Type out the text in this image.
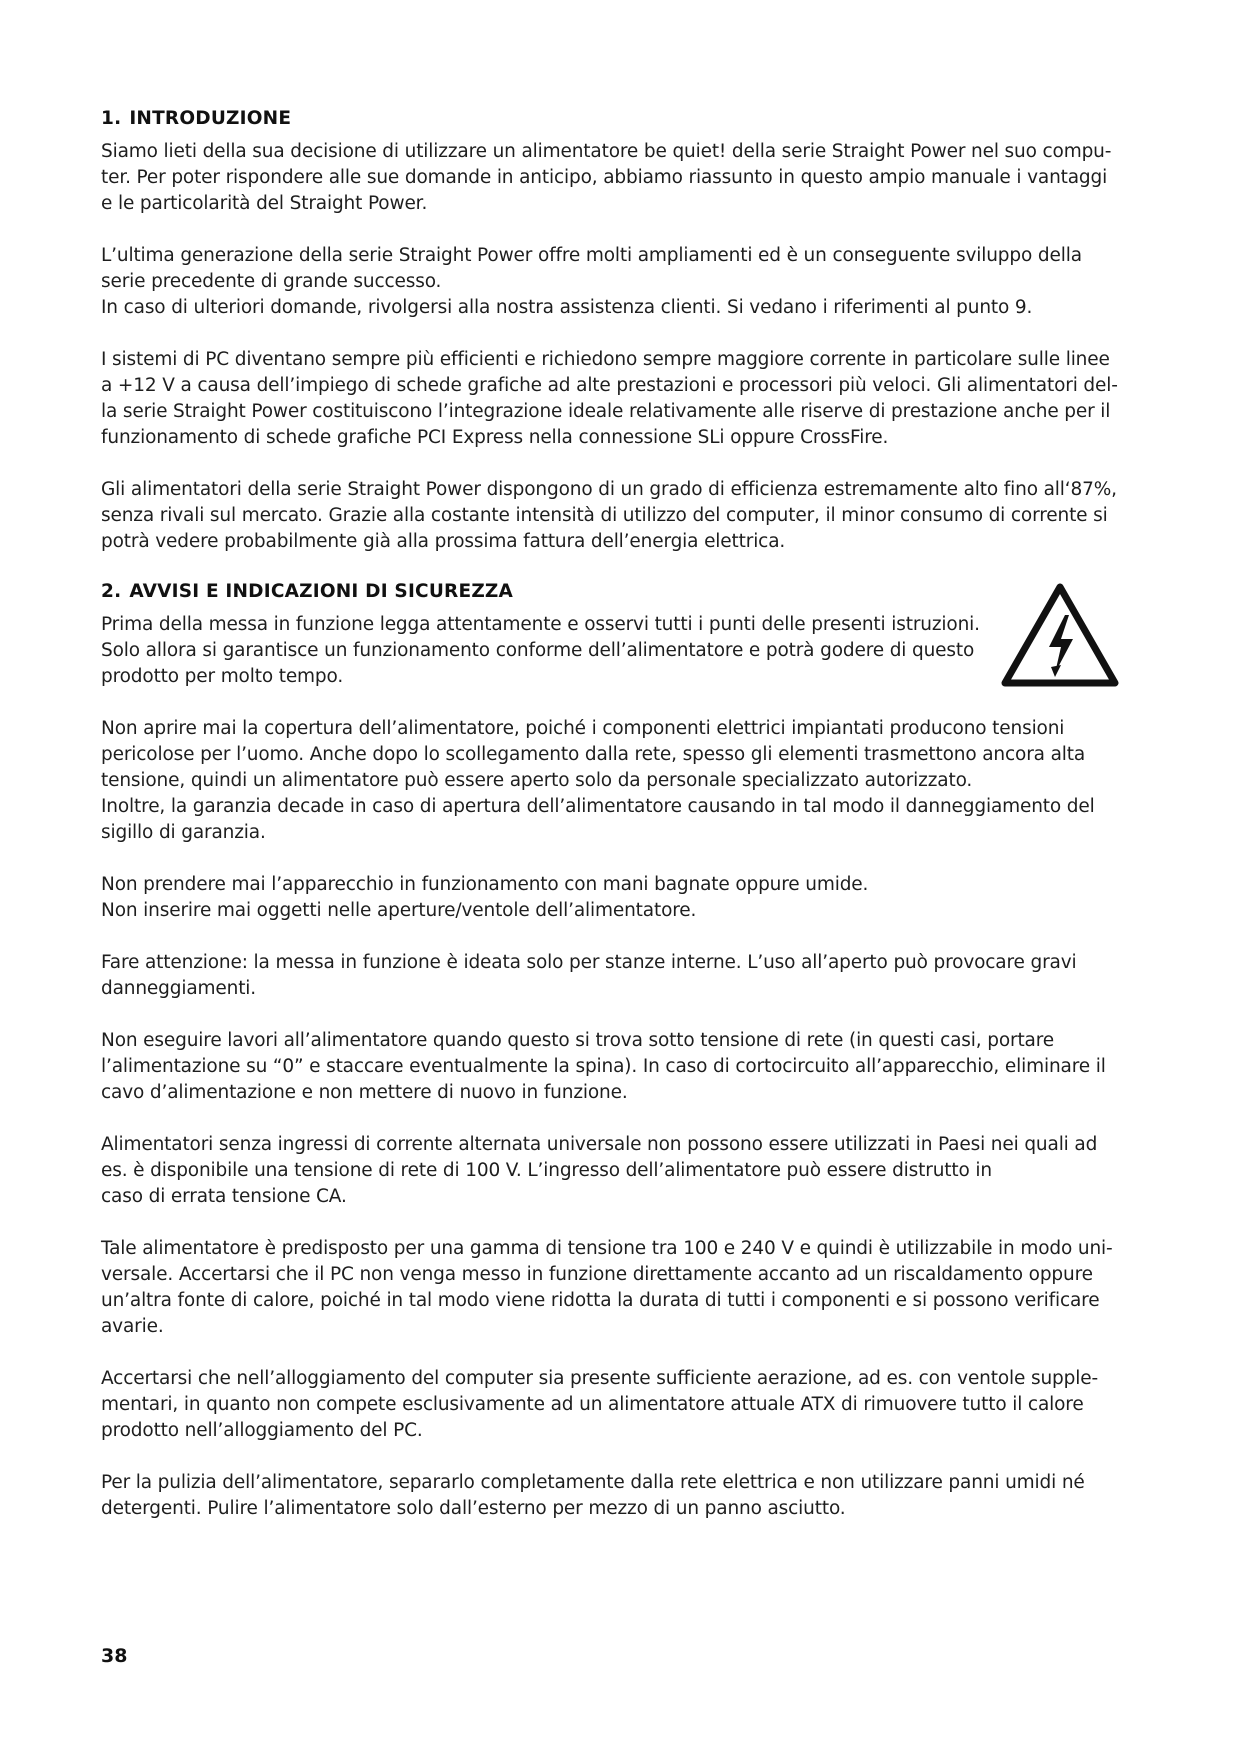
1. INTRODUZIONE

Siamo lieti della sua decisione di utilizzare un alimentatore be quiet! della serie Straight Power nel suo compu-
ter. Per poter rispondere alle sue domande in anticipo, abbiamo riassunto in questo ampio manuale i vantaggi
e le particolarità del Straight Power.

L’ultima generazione della serie Straight Power offre molti ampliamenti ed è un conseguente sviluppo della
serie precedente di grande successo.
In caso di ulteriori domande, rivolgersi alla nostra assistenza clienti. Si vedano i riferimenti al punto 9.

I sistemi di PC diventano sempre più efficienti e richiedono sempre maggiore corrente in particolare sulle linee
a +12 V a causa dell’impiego di schede grafiche ad alte prestazioni e processori più veloci. Gli alimentatori del-
la serie Straight Power costituiscono l’integrazione ideale relativamente alle riserve di prestazione anche per il
funzionamento di schede grafiche PCI Express nella connessione SLi oppure CrossFire.

Gli alimentatori della serie Straight Power dispongono di un grado di efficienza estremamente alto fino all‘87%,
senza rivali sul mercato. Grazie alla costante intensità di utilizzo del computer, il minor consumo di corrente si
potrà vedere probabilmente già alla prossima fattura dell’energia elettrica.

2. AVVISI E INDICAZIONI DI SICUREZZA

Prima della messa in funzione legga attentamente e osservi tutti i punti delle presenti istruzioni.
Solo allora si garantisce un funzionamento conforme dell’alimentatore e potrà godere di questo
prodotto per molto tempo.

Non aprire mai la copertura dell’alimentatore, poiché i componenti elettrici impiantati producono tensioni
pericolose per l’uomo. Anche dopo lo scollegamento dalla rete, spesso gli elementi trasmettono ancora alta
tensione, quindi un alimentatore può essere aperto solo da personale specializzato autorizzato.
Inoltre, la garanzia decade in caso di apertura dell’alimentatore causando in tal modo il danneggiamento del
sigillo di garanzia.

Non prendere mai l’apparecchio in funzionamento con mani bagnate oppure umide.
Non inserire mai oggetti nelle aperture/ventole dell’alimentatore.

Fare attenzione: la messa in funzione è ideata solo per stanze interne. L’uso all’aperto può provocare gravi
danneggiamenti.

Non eseguire lavori all’alimentatore quando questo si trova sotto tensione di rete (in questi casi, portare
l’alimentazione su “0” e staccare eventualmente la spina). In caso di cortocircuito all’apparecchio, eliminare il
cavo d’alimentazione e non mettere di nuovo in funzione.

Alimentatori senza ingressi di corrente alternata universale non possono essere utilizzati in Paesi nei quali ad
es. è disponibile una tensione di rete di 100 V. L’ingresso dell’alimentatore può essere distrutto in
caso di errata tensione CA.

Tale alimentatore è predisposto per una gamma di tensione tra 100 e 240 V e quindi è utilizzabile in modo uni-
versale. Accertarsi che il PC non venga messo in funzione direttamente accanto ad un riscaldamento oppure
un’altra fonte di calore, poiché in tal modo viene ridotta la durata di tutti i componenti e si possono verificare
avarie.

Accertarsi che nell’alloggiamento del computer sia presente sufficiente aerazione, ad es. con ventole supple-
mentari, in quanto non compete esclusivamente ad un alimentatore attuale ATX di rimuovere tutto il calore
prodotto nell’alloggiamento del PC.

Per la pulizia dell’alimentatore, separarlo completamente dalla rete elettrica e non utilizzare panni umidi né
detergenti. Pulire l’alimentatore solo dall’esterno per mezzo di un panno asciutto.

38
